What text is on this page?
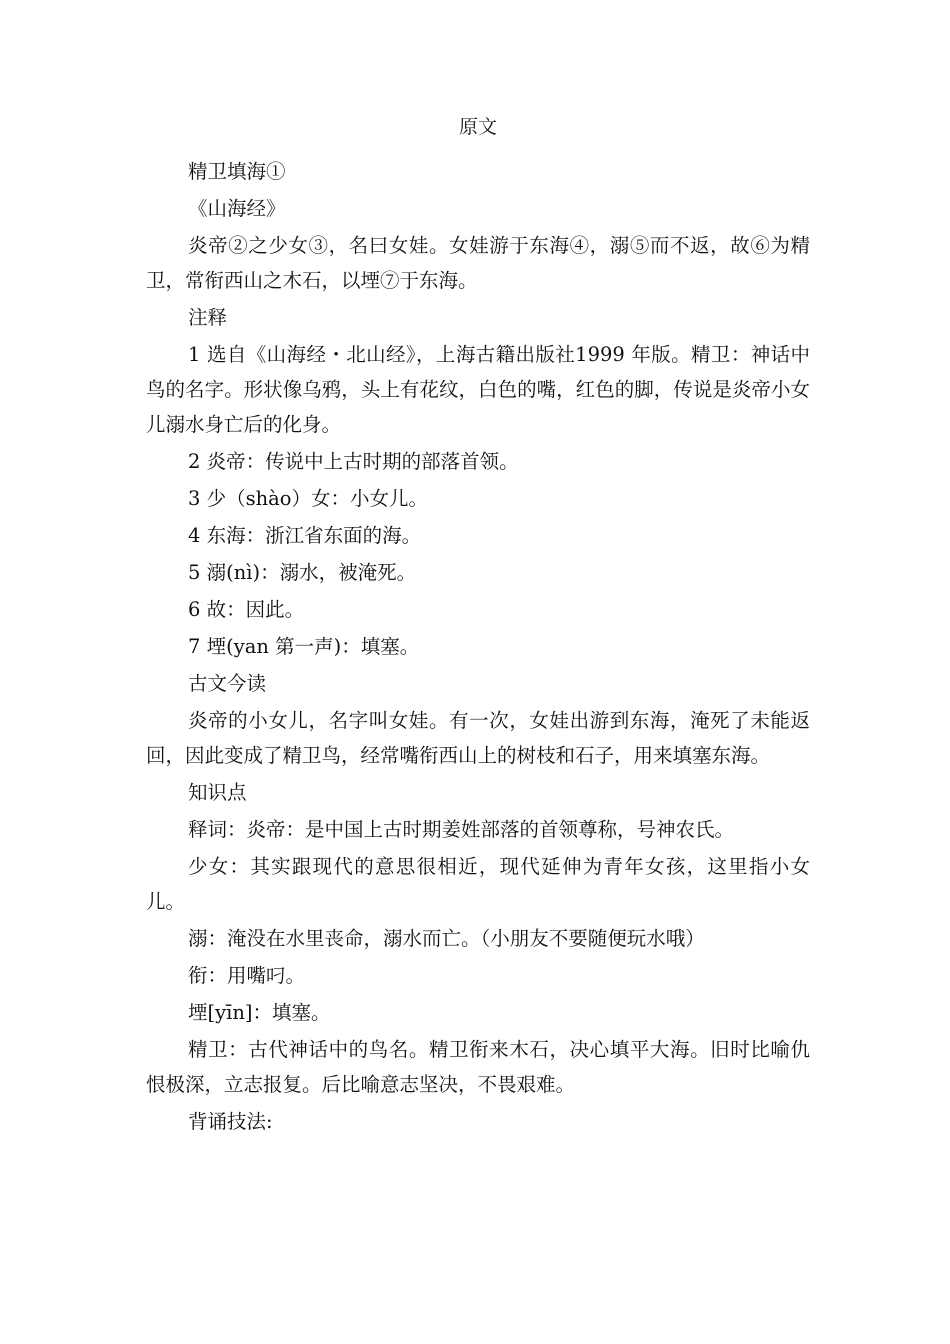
原文

精卫填海①

《山海经》

炎帝②之少女③，名曰女娃。女娃游于东海④，溺⑤而不返，故⑥为精卫，常衔西山之木石，以堙⑦于东海。

注释

1 选自《山海经・北山经》，上海古籍出版社1999 年版。精卫：神话中鸟的名字。形状像乌鸦，头上有花纹，白色的嘴，红色的脚，传说是炎帝小女儿溺水身亡后的化身。

2 炎帝：传说中上古时期的部落首领。

3 少（shào）女：小女儿。

4 东海：浙江省东面的海。

5 溺(nì)：溺水，被淹死。

6 故：因此。

7 堙(yan 第一声)：填塞。

古文今读

炎帝的小女儿，名字叫女娃。有一次，女娃出游到东海，淹死了未能返回，因此变成了精卫鸟，经常嘴衔西山上的树枝和石子，用来填塞东海。

知识点

释词：炎帝：是中国上古时期姜姓部落的首领尊称，号神农氏。

少女：其实跟现代的意思很相近，现代延伸为青年女孩，这里指小女儿。

溺：淹没在水里丧命，溺水而亡。（小朋友不要随便玩水哦）

衔：用嘴叼。

堙[yīn]：填塞。

精卫：古代神话中的鸟名。精卫衔来木石，决心填平大海。旧时比喻仇恨极深，立志报复。后比喻意志坚决，不畏艰难。

背诵技法:
